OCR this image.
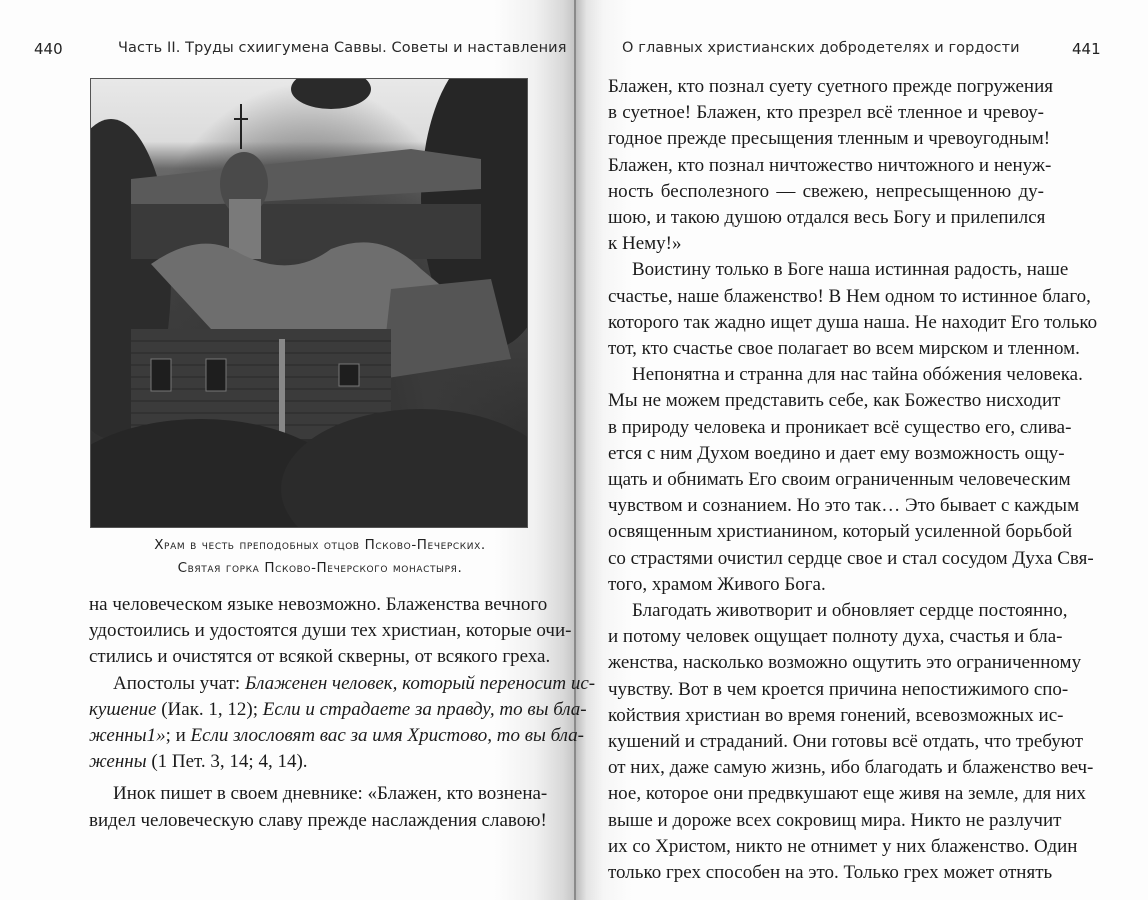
440	Часть II. Труды схиигумена Саввы. Советы и наставления
Храм в честь преподобных отцов Псково-Печерских.
Святая горка Псково-Печерского монастыря.
на человеческом языке невозможно. Блаженства вечного
удостоились и удостоятся души тех христиан, которые очи-
стились и очистятся от всякой скверны, от всякого греха.
Апостолы учат: Блаженен человек, который переносит ис-
кушение (Иак. 1, 12); Если и страдаете за правду, то вы бла-
женны1»; и Если злословят вас за имя Христово, то вы бла-
женны (1 Пет. 3, 14; 4, 14).
Инок пишет в своем дневнике: «Блажен, кто возненa-
видел человеческую славу прежде наслаждения славою!
О главных христианских добродетелях и гордости	441
Блажен, кто познал суету суетного прежде погружения
в суетное! Блажен, кто презрел всё тленное и чревоу-
годное прежде пресыщения тленным и чревоугодным!
Блажен, кто познал ничтожество ничтожного и ненуж-
ность бесполезного — свежею, непресыщенною ду-
шою, и такою душою отдался весь Богу и прилепился
к Нему!»
Воистину только в Боге наша истинная радость, наше
счастье, наше блаженство! В Нем одном то истинное благо,
которого так жадно ищет душа наша. Не находит Его только
тот, кто счастье свое полагает во всем мирском и тленном.
Непонятна и странна для нас тайна обóжения человека.
Мы не можем представить себе, как Божество нисходит
в природу человека и проникает всё существо его, слива-
ется с ним Духом воедино и дает ему возможность ощу-
щать и обнимать Его своим ограниченным человеческим
чувством и сознанием. Но это так… Это бывает с каждым
освященным христианином, который усиленной борьбой
со страстями очистил сердце свое и стал сосудом Духа Свя-
того, храмом Живого Бога.
Благодать животворит и обновляет сердце постоянно,
и потому человек ощущает полноту духа, счастья и бла-
женства, насколько возможно ощутить это ограниченному
чувству. Вот в чем кроется причина непостижимого спо-
койствия христиан во время гонений, всевозможных ис-
кушений и страданий. Они готовы всё отдать, что требуют
от них, даже самую жизнь, ибо благодать и блаженство веч-
ное, которое они предвкушают еще живя на земле, для них
выше и дороже всех сокровищ мира. Никто не разлучит
их со Христом, никто не отнимет у них блаженство. Один
только грех способен на это. Только грех может отнять
